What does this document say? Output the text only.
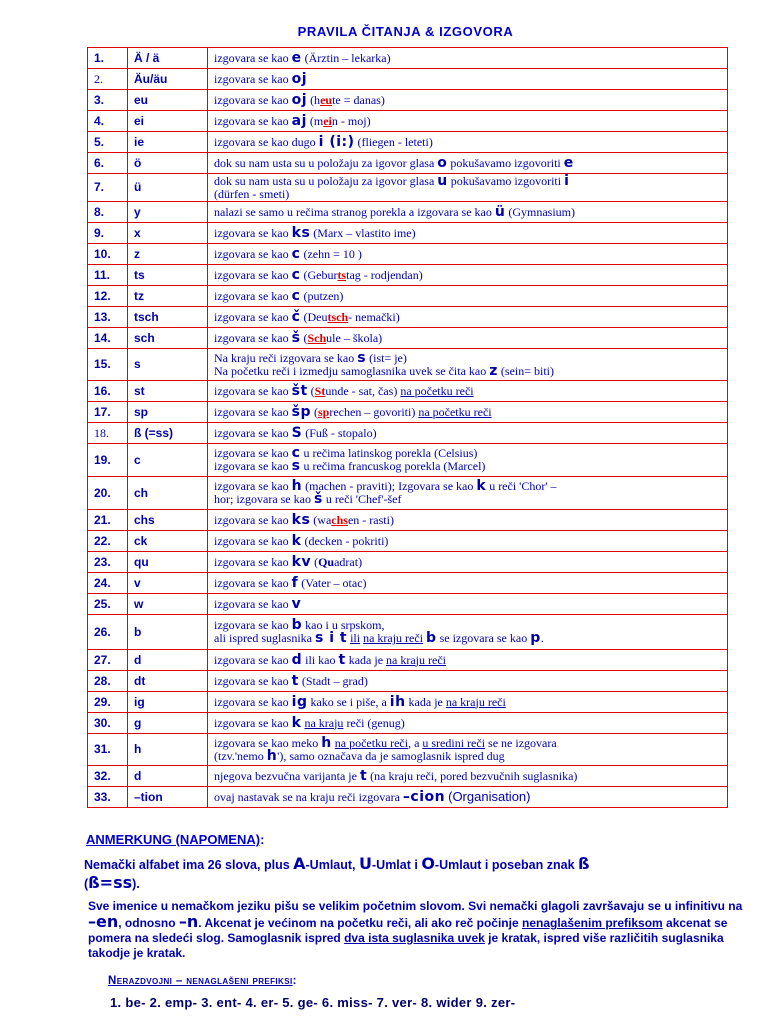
PRAVILA ČITANJA & IZGOVORA
1.	Ä / ä	izgovara se kao e (Ärztin – lekarka)
2.	Äu/äu	izgovara se kao oj
3.	eu	izgovara se kao oj (heute = danas)
4.	ei	izgovara se kao aj (mein - moj)
5.	ie	izgovara se kao dugo i (i:) (fliegen - leteti)
6.	ö	dok su nam usta su u položaju za igovor glasa o pokušavamo izgovoriti e
7.	ü	dok su nam usta su u položaju za igovor glasa u pokušavamo izgovoriti i
(dürfen - smeti)
8.	y	nalazi se samo u rečima stranog porekla a izgovara se kao ü (Gymnasium)
9.	x	izgovara se kao ks (Marx – vlastito ime)
10.	z	izgovara se kao c (zehn = 10 )
11.	ts	izgovara se kao c (Geburtstag - rodjendan)
12.	tz	izgovara se kao c (putzen)
13.	tsch	izgovara se kao č (Deutsch- nemački)
14.	sch	izgovara se kao š (Schule – škola)
15.	s	Na kraju reči izgovara se kao s (ist= je)
Na početku reči i izmedju samoglasnika uvek se čita kao z (sein= biti)
16.	st	izgovara se kao št (Stunde - sat, čas) na početku reči
17.	sp	izgovara se kao šp (sprechen – govoriti) na početku reči
18.	ß (=ss)	izgovara se kao S (Fuß - stopalo)
19.	c	izgovara se kao c u rečima latinskog porekla (Celsius)
izgovara se kao s u rečima francuskog porekla (Marcel)
20.	ch	izgovara se kao h (machen - praviti); Izgovara se kao k u reči 'Chor' –
hor; izgovara se kao š u reči 'Chef'-šef
21.	chs	izgovara se kao ks (wachsen - rasti)
22.	ck	izgovara se kao k (decken - pokriti)
23.	qu	izgovara se kao kv (Quadrat)
24.	v	izgovara se kao f (Vater – otac)
25.	w	izgovara se kao v
26.	b	izgovara se kao b kao i u srpskom,
ali ispred suglasnika s i t ili na kraju reči b se izgovara se kao p.
27.	d	izgovara se kao d ili kao t kada je na kraju reči
28.	dt	izgovara se kao t (Stadt – grad)
29.	ig	izgovara se kao ig kako se i piše, a ih kada je na kraju reči
30.	g	izgovara se kao k na kraju reči (genug)
31.	h	izgovara se kao meko h na početku reči, a u sredini reči se ne izgovara
(tzv.'nemo h'), samo označava da je samoglasnik ispred dug
32.	d	njegova bezvučna varijanta je t (na kraju reči, pored bezvučnih suglasnika)
33.	–tion	ovaj nastavak se na kraju reči izgovara –cion (Organisation)
ANMERKUNG (NAPOMENA):
Nemački alfabet ima 26 slova, plus A-Umlaut, U-Umlat i O-Umlaut i poseban znak ß
(ß=ss).
Sve imenice u nemačkom jeziku pišu se velikim početnim slovom. Svi nemački glagoli završavaju se u infinitivu na –en, odnosno –n. Akcenat je većinom na početku reči, ali ako reč počinje nenaglašenim prefiksom akcenat se pomera na sledeći slog. Samoglasnik ispred dva ista suglasnika uvek je kratak, ispred više različitih suglasnika takodje je kratak.
Nerazdvojni – nenaglašeni prefiksi:
1. be- 2. emp- 3. ent- 4. er- 5. ge- 6. miss- 7. ver- 8. wider 9. zer-
